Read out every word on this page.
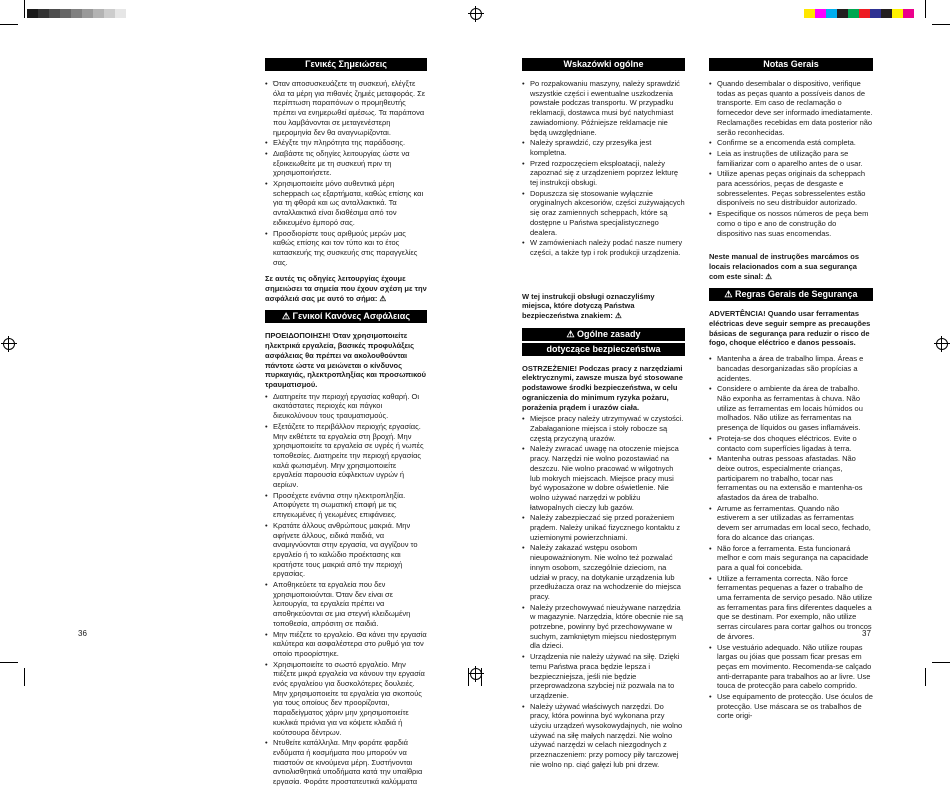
Γενικές Σημειώσεις
• Όταν αποσυσκευάζετε τη συσκευή, ελέγξτε όλα τα μέρη για πιθανές ζημιές μεταφοράς. Σε περίπτωση παραπόνων ο προμηθευτής πρέπει να ενημερωθεί αμέσως. Τα παράπονα που λαμβάνονται σε μεταγενέστερη ημερομηνία δεν θα αναγνωρίζονται.
• Ελέγξτε την πληρότητα της παράδοσης.
• Διαβάστε τις οδηγίες λειτουργίας ώστε να εξοικειωθείτε με τη συσκευή πριν τη χρησιμοποιήσετε.
• Χρησιμοποιείτε μόνο αυθεντικά μέρη scheppach ως εξαρτήματα, καθώς επίσης και για τη φθορά και ως ανταλλακτικά. Τα ανταλλακτικά είναι διαθέσιμα από τον ειδικευμένο έμπορό σας.
• Προσδιορίστε τους αριθμούς μερών μας καθώς επίσης και τον τύπο και το έτος κατασκευής της συσκευής στις παραγγελίες σας.

Σε αυτές τις οδηγίες λειτουργίας έχουμε σημειώσει τα σημεία που έχουν σχέση με την ασφάλειά σας με αυτό το σήμα: ⚠

⚠ Γενικοί Κανόνες Ασφάλειας

ΠΡΟΕΙΔΟΠΟΙΗΣΗ! Όταν χρησιμοποιείτε ηλεκτρικά εργαλεία, βασικές προφυλάξεις ασφάλειας θα πρέπει να ακολουθούνται πάντοτε ώστε να μειώνεται ο κίνδυνος πυρκαγιάς, ηλεκτροπληξίας και προσωπικού τραυματισμού.

• Διατηρείτε την περιοχή εργασίας καθαρή. Οι ακατάστατες περιοχές και πάγκοι διευκολύνουν τους τραυματισμούς.
• Εξετάζετε το περιβάλλον περιοχής εργασίας. Μην εκθέτετε τα εργαλεία στη βροχή. Μην χρησιμοποιείτε τα εργαλεία σε υγρές ή νωπές τοποθεσίες. Διατηρείτε την περιοχή εργασίας καλά φωτισμένη. Μην χρησιμοποιείτε εργαλεία παρουσία εύφλεκτων υγρών ή αερίων.
• Προσέχετε ενάντια στην ηλεκτροπληξία. Αποφύγετε τη σωματική επαφή με τις επιγειωμένες ή γειωμένες επιφάνειες.
• Κρατάτε άλλους ανθρώπους μακριά. Μην αφήνετε άλλους, ειδικά παιδιά, να αναμιγνύονται στην εργασία, να αγγίζουν το εργαλείο ή το καλώδιο προέκτασης και κρατήστε τους μακριά από την περιοχή εργασίας.
• Αποθηκεύετε τα εργαλεία που δεν χρησιμοποιούνται. Όταν δεν είναι σε λειτουργία, τα εργαλεία πρέπει να αποθηκεύονται σε μια στεγνή κλειδωμένη τοποθεσία, απρόσιτη σε παιδιά.
• Μην πιέζετε το εργαλείο. Θα κάνει την εργασία καλύτερα και ασφαλέστερα στο ρυθμό για τον οποίο προορίστηκε.
• Χρησιμοποιείτε το σωστό εργαλείο. Μην πιέζετε μικρά εργαλεία να κάνουν την εργασία ενός εργαλείου για δυσκολότερες δουλειές. Μην χρησιμοποιείτε τα εργαλεία για σκοπούς για τους οποίους δεν προορίζονται, παραδείγματος χάριν μην χρησιμοποιείτε κυκλικά πριόνια για να κόψετε κλαδιά ή κούτσουρα δέντρων.
• Ντυθείτε κατάλληλα. Μην φοράτε φαρδιά ενδύματα ή κοσμήματα που μπορούν να πιαστούν σε κινούμενα μέρη. Συστήνονται αντιολισθητικά υποδήματα κατά την υπαίθρια εργασία. Φοράτε προστατευτικά καλύμματα
Wskazówki ogólne
• Po rozpakowaniu maszyny, należy sprawdzić wszystkie części i ewentualne uszkodzenia powstałe podczas transportu. W przypadku reklamacji, dostawca musi być natychmiast zawiadomiony. Późniejsze reklamacje nie będą uwzględniane.
• Należy sprawdzić, czy przesyłka jest kompletna.
• Przed rozpoczęciem eksploatacji, należy zapoznać się z urządzeniem poprzez lekturę tej instrukcji obsługi.
• Dopuszcza się stosowanie wyłącznie oryginalnych akcesoriów, części zużywających się oraz zamiennych scheppach, które są dostępne u Państwa specjalistycznego dealera.
• W zamówieniach należy podać nasze numery części, a także typ i rok produkcji urządzenia.

W tej instrukcji obsługi oznaczyliśmy miejsca, które dotyczą Państwa bezpieczeństwa znakiem: ⚠

⚠ Ogólne zasady
dotyczące bezpieczeństwa

OSTRZEŻENIE! Podczas pracy z narzędziami elektrycznymi, zawsze musza być stosowane podstawowe środki bezpieczeństwa, w celu ograniczenia do minimum ryzyka pożaru, porażenia prądem i urazów ciała.

• Miejsce pracy należy utrzymywać w czystości. Zabałaganione miejsca i stoły robocze są częstą przyczyną urazów.
• Należy zwracać uwagę na otoczenie miejsca pracy. Narzędzi nie wolno pozostawiać na deszczu. Nie wolno pracować w wilgotnych lub mokrych miejscach. Miejsce pracy musi być wyposażone w dobre oświetlenie. Nie wolno używać narzędzi w pobliżu łatwopalnych cieczy lub gazów.
• Należy zabezpieczać się przed porażeniem prądem. Należy unikać fizycznego kontaktu z uziemionymi powierzchniami.
• Należy zakazać wstępu osobom nieupoważnionym. Nie wolno też pozwalać innym osobom, szczególnie dzieciom, na udział w pracy, na dotykanie urządzenia lub przedłużacza oraz na wchodzenie do miejsca pracy.
• Należy przechowywać nieużywane narzędzia w magazynie. Narzędzia, które obecnie nie są potrzebne, powinny być przechowywane w suchym, zamkniętym miejscu niedostępnym dla dzieci.
• Urządzenia nie należy używać na siłę. Dzięki temu Państwa praca będzie lepsza i bezpieczniejsza, jeśli nie będzie przeprowadzona szybciej niż pozwala na to urządzenie.
• Należy używać właściwych narzędzi. Do pracy, która powinna być wykonana przy użyciu urządzeń wysokowydajnych, nie wolno używać na siłę małych narzędzi. Nie wolno używać narzędzi w celach niezgodnych z przeznaczeniem: przy pomocy piły tarczowej nie wolno np. ciąć gałęzi lub pni drzew.
Notas Gerais
• Quando desembalar o dispositivo, verifique todas as peças quanto a possíveis danos de transporte. Em caso de reclamação o fornecedor deve ser informado imediatamente. Reclamações recebidas em data posterior não serão reconhecidas.
• Confirme se a encomenda está completa.
• Leia as instruções de utilização para se familiarizar com o aparelho antes de o usar.
• Utilize apenas peças originais da scheppach para acessórios, peças de desgaste e sobresselentes. Peças sobresselentes estão disponíveis no seu distribuidor autorizado.
• Especifique os nossos números de peça bem como o tipo e ano de construção do dispositivo nas suas encomendas.

Neste manual de instruções marcámos os locais relacionados com a sua segurança com este sinal: ⚠

⚠ Regras Gerais de Segurança

ADVERTÊNCIA! Quando usar ferramentas eléctricas deve seguir sempre as precauções básicas de segurança para reduzir o risco de fogo, choque eléctrico e danos pessoais.

• Mantenha a área de trabalho limpa. Áreas e bancadas desorganizadas são propícias a acidentes.
• Considere o ambiente da área de trabalho. Não exponha as ferramentas à chuva. Não utilize as ferramentas em locais húmidos ou molhados. Não utilize as ferramentas na presença de líquidos ou gases inflamáveis.
• Proteja-se dos choques eléctricos. Evite o contacto com superfícies ligadas à terra.
• Mantenha outras pessoas afastadas. Não deixe outros, especialmente crianças, participarem no trabalho, tocar nas ferramentas ou na extensão e mantenha-os afastados da área de trabalho.
• Arrume as ferramentas. Quando não estiverem a ser utilizadas as ferramentas devem ser arrumadas em local seco, fechado, fora do alcance das crianças.
• Não force a ferramenta. Esta funcionará melhor e com mais segurança na capacidade para a qual foi concebida.
• Utilize a ferramenta correcta. Não force ferramentas pequenas a fazer o trabalho de uma ferramenta de serviço pesado. Não utilize as ferramentas para fins diferentes daqueles a que se destinam. Por exemplo, não utilize serras circulares para cortar galhos ou troncos de árvores.
• Use vestuário adequado. Não utilize roupas largas ou jóias que possam ficar presas em peças em movimento. Recomenda-se calçado anti-derrapante para trabalhos ao ar livre. Use touca de protecção para cabelo comprido.
• Use equipamento de protecção. Use óculos de protecção. Use máscara se os trabalhos de corte origi-
36	37
